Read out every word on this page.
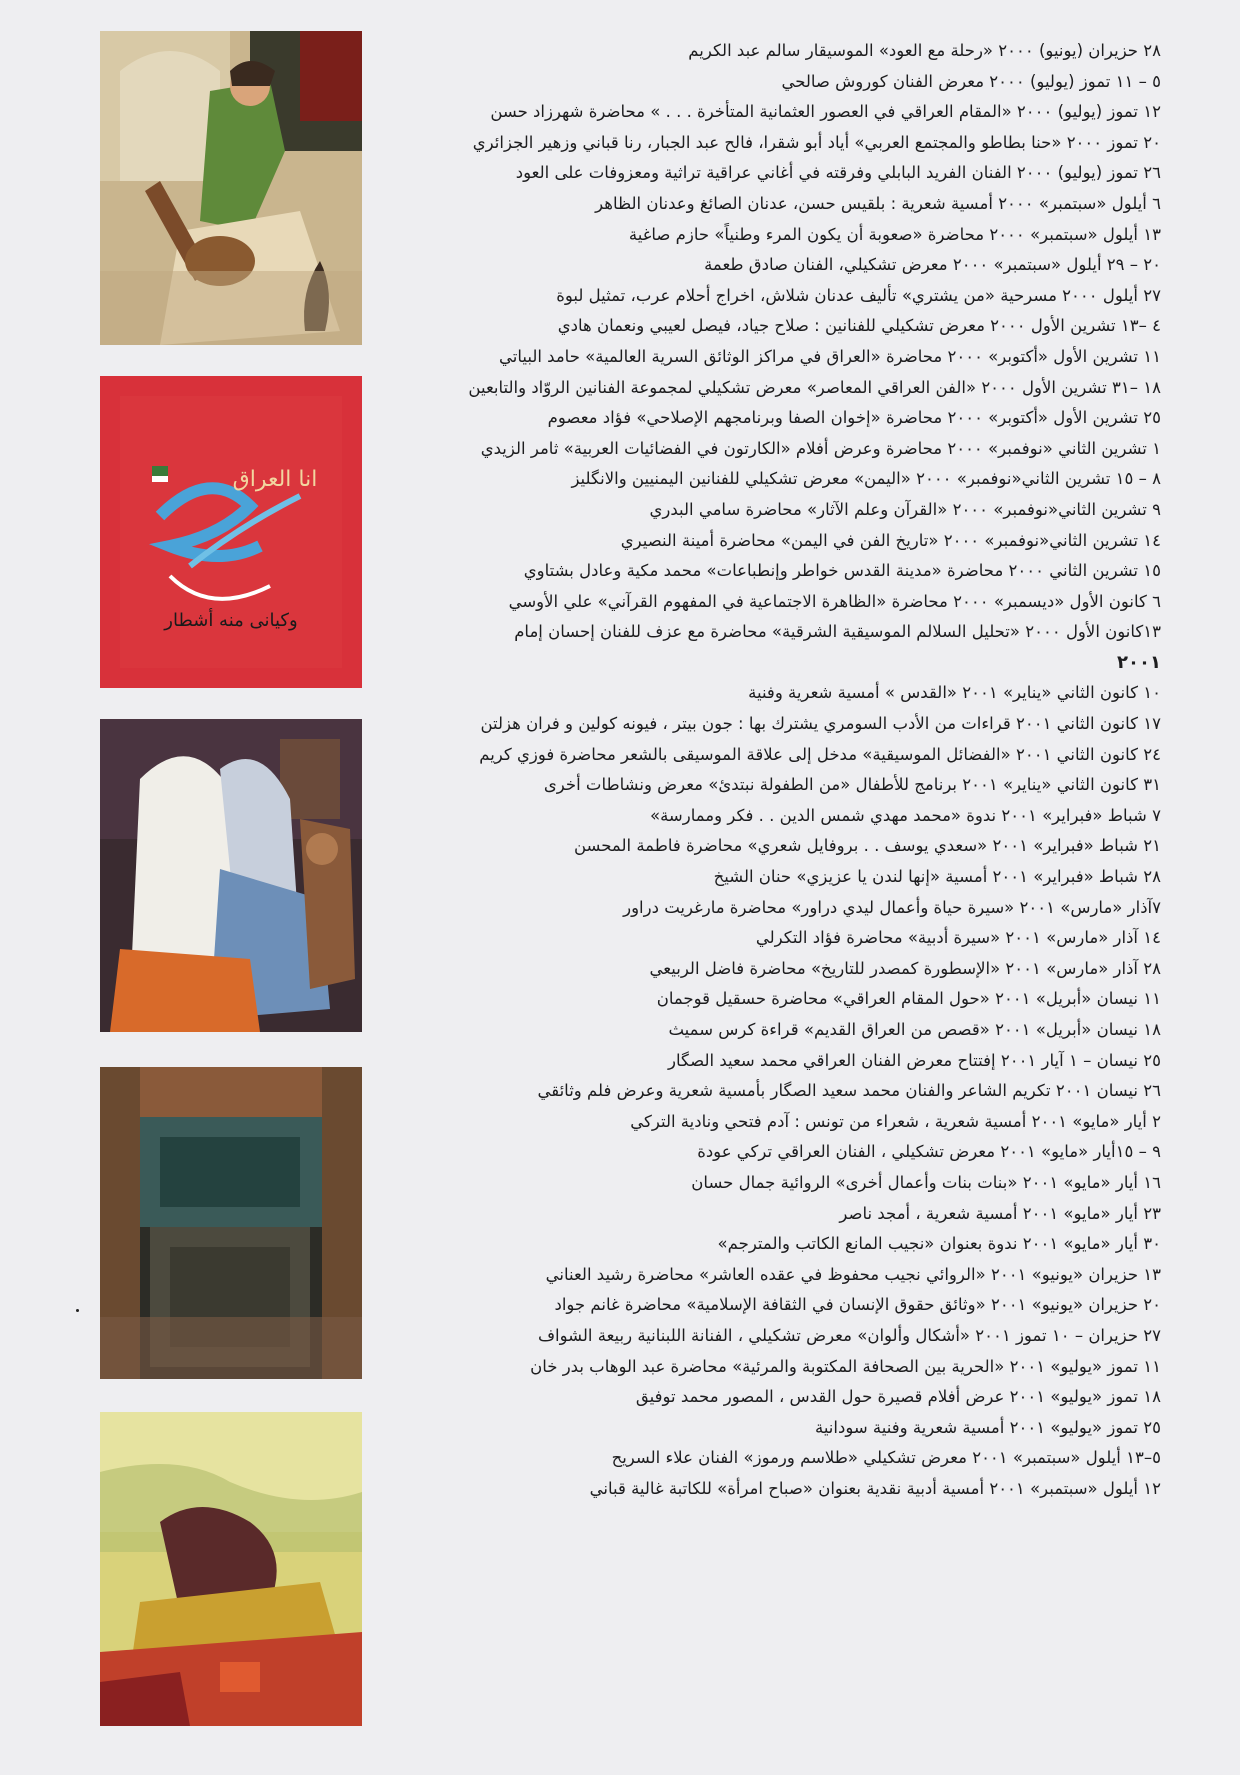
انا العراق
وكيانى منه أشطار
٢٨ حزيران (يونيو) ٢٠٠٠ «رحلة مع العود» الموسيقار سالم عبد الكريم
٥ – ١١ تموز (يوليو) ٢٠٠٠ معرض الفنان كوروش صالحي
١٢ تموز (يوليو) ٢٠٠٠ «المقام العراقي في العصور العثمانية المتأخرة . . . » محاضرة شهرزاد حسن
٢٠ تموز ٢٠٠٠ «حنا بطاطو والمجتمع العربي» أياد أبو شقرا، فالح عبد الجبار، رنا قباني وزهير الجزائري
٢٦ تموز (يوليو) ٢٠٠٠ الفنان الفريد البابلي وفرقته في أغاني عراقية تراثية ومعزوفات على العود
٦ أيلول «سبتمبر» ٢٠٠٠ أمسية شعرية : بلقيس حسن، عدنان الصائغ وعدنان الظاهر
١٣ أيلول «سبتمبر» ٢٠٠٠ محاضرة «صعوبة أن يكون المرء وطنياً» حازم صاغية
٢٠ – ٢٩ أيلول «سبتمبر» ٢٠٠٠ معرض تشكيلي، الفنان صادق طعمة
٢٧ أيلول ٢٠٠٠ مسرحية «من يشتري» تأليف عدنان شلاش، اخراج أحلام عرب، تمثيل لبوة
٤ –١٣ تشرين الأول ٢٠٠٠ معرض تشكيلي للفنانين : صلاح جياد، فيصل لعيبي ونعمان هادي
١١ تشرين الأول «أكتوبر» ٢٠٠٠ محاضرة «العراق في مراكز الوثائق السرية العالمية» حامد البياتي
١٨ –٣١ تشرين الأول ٢٠٠٠ «الفن العراقي المعاصر» معرض تشكيلي لمجموعة الفنانين الروّاد والتابعين
٢٥ تشرين الأول «أكتوبر» ٢٠٠٠ محاضرة «إخوان الصفا وبرنامجهم الإصلاحي» فؤاد معصوم
١ تشرين الثاني «نوفمبر» ٢٠٠٠ محاضرة وعرض أفلام «الكارتون في الفضائيات العربية» ثامر الزيدي
٨ – ١٥ تشرين الثاني«نوفمبر» ٢٠٠٠ «اليمن» معرض تشكيلي للفنانين اليمنيين والانگليز
٩ تشرين الثاني«نوفمبر» ٢٠٠٠ «القرآن وعلم الآثار» محاضرة سامي البدري
١٤ تشرين الثاني«نوفمبر» ٢٠٠٠ «تاريخ الفن في اليمن» محاضرة أمينة النصيري
١٥ تشرين الثاني ٢٠٠٠ محاضرة «مدينة القدس خواطر وإنطباعات» محمد مكية وعادل بشتاوي
٦ كانون الأول «ديسمبر» ٢٠٠٠ محاضرة «الظاهرة الاجتماعية في المفهوم القرآني» علي الأوسي
١٣كانون الأول ٢٠٠٠ «تحليل السلالم الموسيقية الشرقية» محاضرة مع عزف للفنان إحسان إمام
٢٠٠١
١٠ كانون الثاني «يناير» ٢٠٠١ «القدس » أمسية شعرية وفنية
١٧ كانون الثاني ٢٠٠١ قراءات من الأدب السومري يشترك بها : جون بيتر ، فيونه كولين و فران هزلتن
٢٤ كانون الثاني ٢٠٠١ «الفضائل الموسيقية» مدخل إلى علاقة الموسيقى بالشعر محاضرة فوزي كريم
٣١ كانون الثاني «يناير» ٢٠٠١ برنامج للأطفال «من الطفولة نبتدئ» معرض ونشاطات أخرى
٧ شباط «فبراير» ٢٠٠١ ندوة «محمد مهدي شمس الدين . . فكر وممارسة»
٢١ شباط «فبراير» ٢٠٠١ «سعدي يوسف . . بروفايل شعري» محاضرة فاطمة المحسن
٢٨ شباط «فبراير» ٢٠٠١ أمسية «إنها لندن يا عزيزي» حنان الشيخ
٧آذار «مارس» ٢٠٠١ «سيرة حياة وأعمال ليدي دراور» محاضرة مارغريت دراور
١٤ آذار «مارس» ٢٠٠١ «سيرة أدبية» محاضرة فؤاد التكرلي
٢٨ آذار «مارس» ٢٠٠١ «الإسطورة كمصدر للتاريخ» محاضرة فاضل الربيعي
١١ نيسان «أبريل» ٢٠٠١ «حول المقام العراقي» محاضرة حسقيل قوجمان
١٨ نيسان «أبريل» ٢٠٠١ «قصص من العراق القديم» قراءة كرس سميث
٢٥ نيسان – ١ آيار ٢٠٠١ إفتتاح معرض الفنان العراقي محمد سعيد الصگار
٢٦ نيسان ٢٠٠١ تكريم الشاعر والفنان محمد سعيد الصگار بأمسية شعرية وعرض فلم وثائقي
٢ أيار «مايو» ٢٠٠١ أمسية شعرية ، شعراء من تونس : آدم فتحي ونادية التركي
٩ – ١٥أيار «مايو» ٢٠٠١ معرض تشكيلي ، الفنان العراقي تركي عودة
١٦ أيار «مايو» ٢٠٠١ «بنات بنات وأعمال أخرى» الروائية جمال حسان
٢٣ أيار «مايو» ٢٠٠١ أمسية شعرية ، أمجد ناصر
٣٠ أيار «مايو» ٢٠٠١ ندوة بعنوان «نجيب المانع الكاتب والمترجم»
١٣ حزيران «يونيو» ٢٠٠١ «الروائي نجيب محفوظ في عقده العاشر» محاضرة رشيد العناني
٢٠ حزيران «يونيو» ٢٠٠١ «وثائق حقوق الإنسان في الثقافة الإسلامية» محاضرة غانم جواد
٢٧ حزيران – ١٠ تموز ٢٠٠١ «أشكال وألوان» معرض تشكيلي ، الفنانة اللبنانية ربيعة الشواف
١١ تموز «يوليو» ٢٠٠١ «الحرية بين الصحافة المكتوبة والمرئية» محاضرة عبد الوهاب بدر خان
١٨ تموز «يوليو» ٢٠٠١ عرض أفلام قصيرة حول القدس ، المصور محمد توفيق
٢٥ تموز «يوليو» ٢٠٠١ أمسية شعرية وفنية سودانية
٥–١٣ أيلول «سبتمبر» ٢٠٠١ معرض تشكيلي «طلاسم ورموز» الفنان علاء السريح
١٢ أيلول «سبتمبر» ٢٠٠١ أمسية أدبية نقدية بعنوان «صباح امرأة» للكاتبة غالية قباني
